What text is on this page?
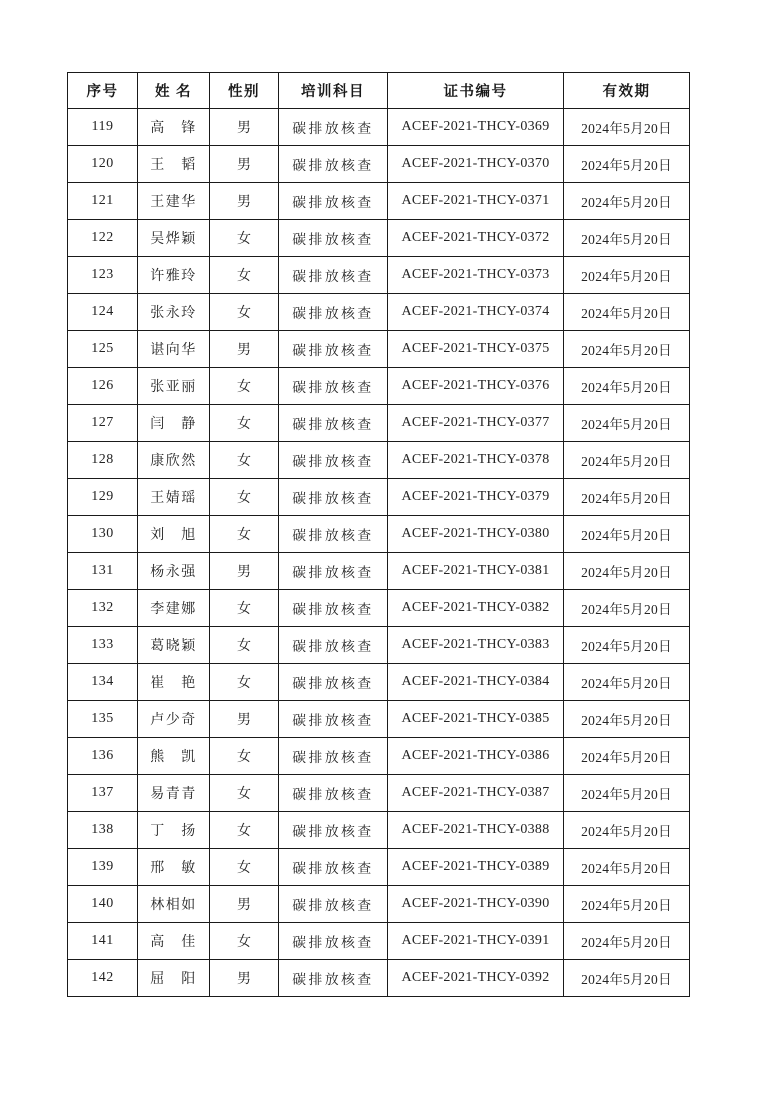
序号	姓 名	性别	培训科目	证书编号	有效期
119	高　锋	男	碳排放核查	ACEF-2021-THCY-0369	2024年5月20日
120	王　韬	男	碳排放核查	ACEF-2021-THCY-0370	2024年5月20日
121	王建华	男	碳排放核查	ACEF-2021-THCY-0371	2024年5月20日
122	吴烨颖	女	碳排放核查	ACEF-2021-THCY-0372	2024年5月20日
123	许雅玲	女	碳排放核查	ACEF-2021-THCY-0373	2024年5月20日
124	张永玲	女	碳排放核查	ACEF-2021-THCY-0374	2024年5月20日
125	谌向华	男	碳排放核查	ACEF-2021-THCY-0375	2024年5月20日
126	张亚丽	女	碳排放核查	ACEF-2021-THCY-0376	2024年5月20日
127	闫　静	女	碳排放核查	ACEF-2021-THCY-0377	2024年5月20日
128	康欣然	女	碳排放核查	ACEF-2021-THCY-0378	2024年5月20日
129	王婧瑶	女	碳排放核查	ACEF-2021-THCY-0379	2024年5月20日
130	刘　旭	女	碳排放核查	ACEF-2021-THCY-0380	2024年5月20日
131	杨永强	男	碳排放核查	ACEF-2021-THCY-0381	2024年5月20日
132	李建娜	女	碳排放核查	ACEF-2021-THCY-0382	2024年5月20日
133	葛晓颖	女	碳排放核查	ACEF-2021-THCY-0383	2024年5月20日
134	崔　艳	女	碳排放核查	ACEF-2021-THCY-0384	2024年5月20日
135	卢少奇	男	碳排放核查	ACEF-2021-THCY-0385	2024年5月20日
136	熊　凯	女	碳排放核查	ACEF-2021-THCY-0386	2024年5月20日
137	易青青	女	碳排放核查	ACEF-2021-THCY-0387	2024年5月20日
138	丁　扬	女	碳排放核查	ACEF-2021-THCY-0388	2024年5月20日
139	邢　敏	女	碳排放核查	ACEF-2021-THCY-0389	2024年5月20日
140	林相如	男	碳排放核查	ACEF-2021-THCY-0390	2024年5月20日
141	高　佳	女	碳排放核查	ACEF-2021-THCY-0391	2024年5月20日
142	屈　阳	男	碳排放核查	ACEF-2021-THCY-0392	2024年5月20日
